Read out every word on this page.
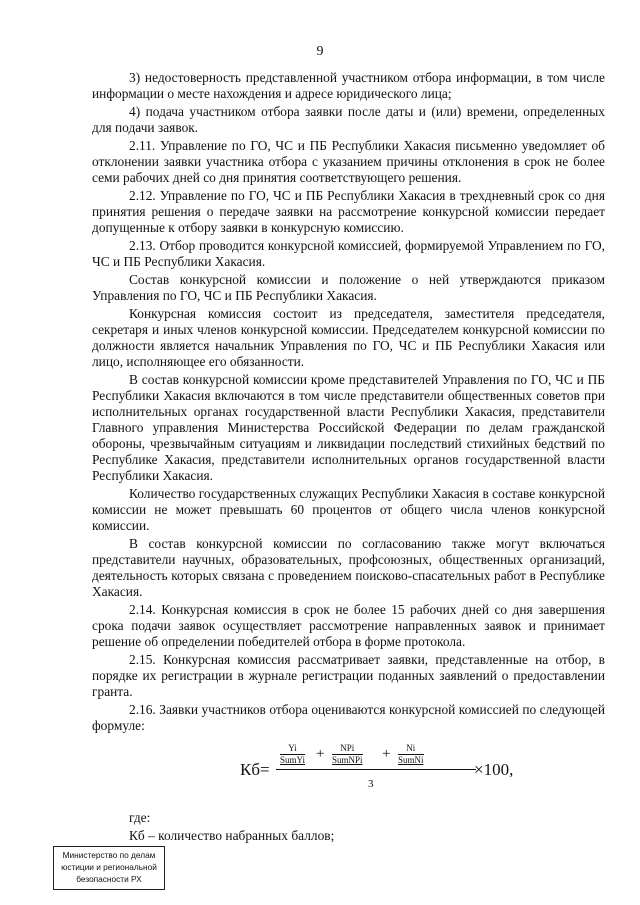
9

3) недостоверность представленной участником отбора информации, в том числе информации о месте нахождения и адресе юридического лица;

4) подача участником отбора заявки после даты и (или) времени, определенных для подачи заявок.

2.11. Управление по ГО, ЧС и ПБ Республики Хакасия письменно уведомляет об отклонении заявки участника отбора с указанием причины отклонения в срок не более семи рабочих дней со дня принятия соответствующего решения.

2.12. Управление по ГО, ЧС и ПБ Республики Хакасия в трехдневный срок со дня принятия решения о передаче заявки на рассмотрение конкурсной комиссии передает допущенные к отбору заявки в конкурсную комиссию.

2.13. Отбор проводится конкурсной комиссией, формируемой Управлением по ГО, ЧС и ПБ Республики Хакасия.

Состав конкурсной комиссии и положение о ней утверждаются приказом Управления по ГО, ЧС и ПБ Республики Хакасия.

Конкурсная комиссия состоит из председателя, заместителя председателя, секретаря и иных членов конкурсной комиссии. Председателем конкурсной комиссии по должности является начальник Управления по ГО, ЧС и ПБ Республики Хакасия или лицо, исполняющее его обязанности.

В состав конкурсной комиссии кроме представителей Управления по ГО, ЧС и ПБ Республики Хакасия включаются в том числе представители общественных советов при исполнительных органах государственной власти Республики Хакасия, представители Главного управления Министерства Российской Федерации по делам гражданской обороны, чрезвычайным ситуациям и ликвидации последствий стихийных бедствий по Республике Хакасия, представители исполнительных органов государственной власти Республики Хакасия.

Количество государственных служащих Республики Хакасия в составе конкурсной комиссии не может превышать 60 процентов от общего числа членов конкурсной комиссии.

В состав конкурсной комиссии по согласованию также могут включаться представители научных, образовательных, профсоюзных, общественных организаций, деятельность которых связана с проведением поисково-спасательных работ в Республике Хакасия.

2.14. Конкурсная комиссия в срок не более 15 рабочих дней со дня завершения срока подачи заявок осуществляет рассмотрение направленных заявок и принимает решение об определении победителей отбора в форме протокола.

2.15. Конкурсная комиссия рассматривает заявки, представленные на отбор, в порядке их регистрации в журнале регистрации поданных заявлений о предоставлении гранта.

2.16. Заявки участников отбора оцениваются конкурсной комиссией по следующей формуле:

Кб=
Yi
SumYi +	NPi
SumNPi +	Ni
SumNi
3
×100,

где:

Кб – количество набранных баллов;

Министерство по делам
юстиции и региональной
безопасности РХ
